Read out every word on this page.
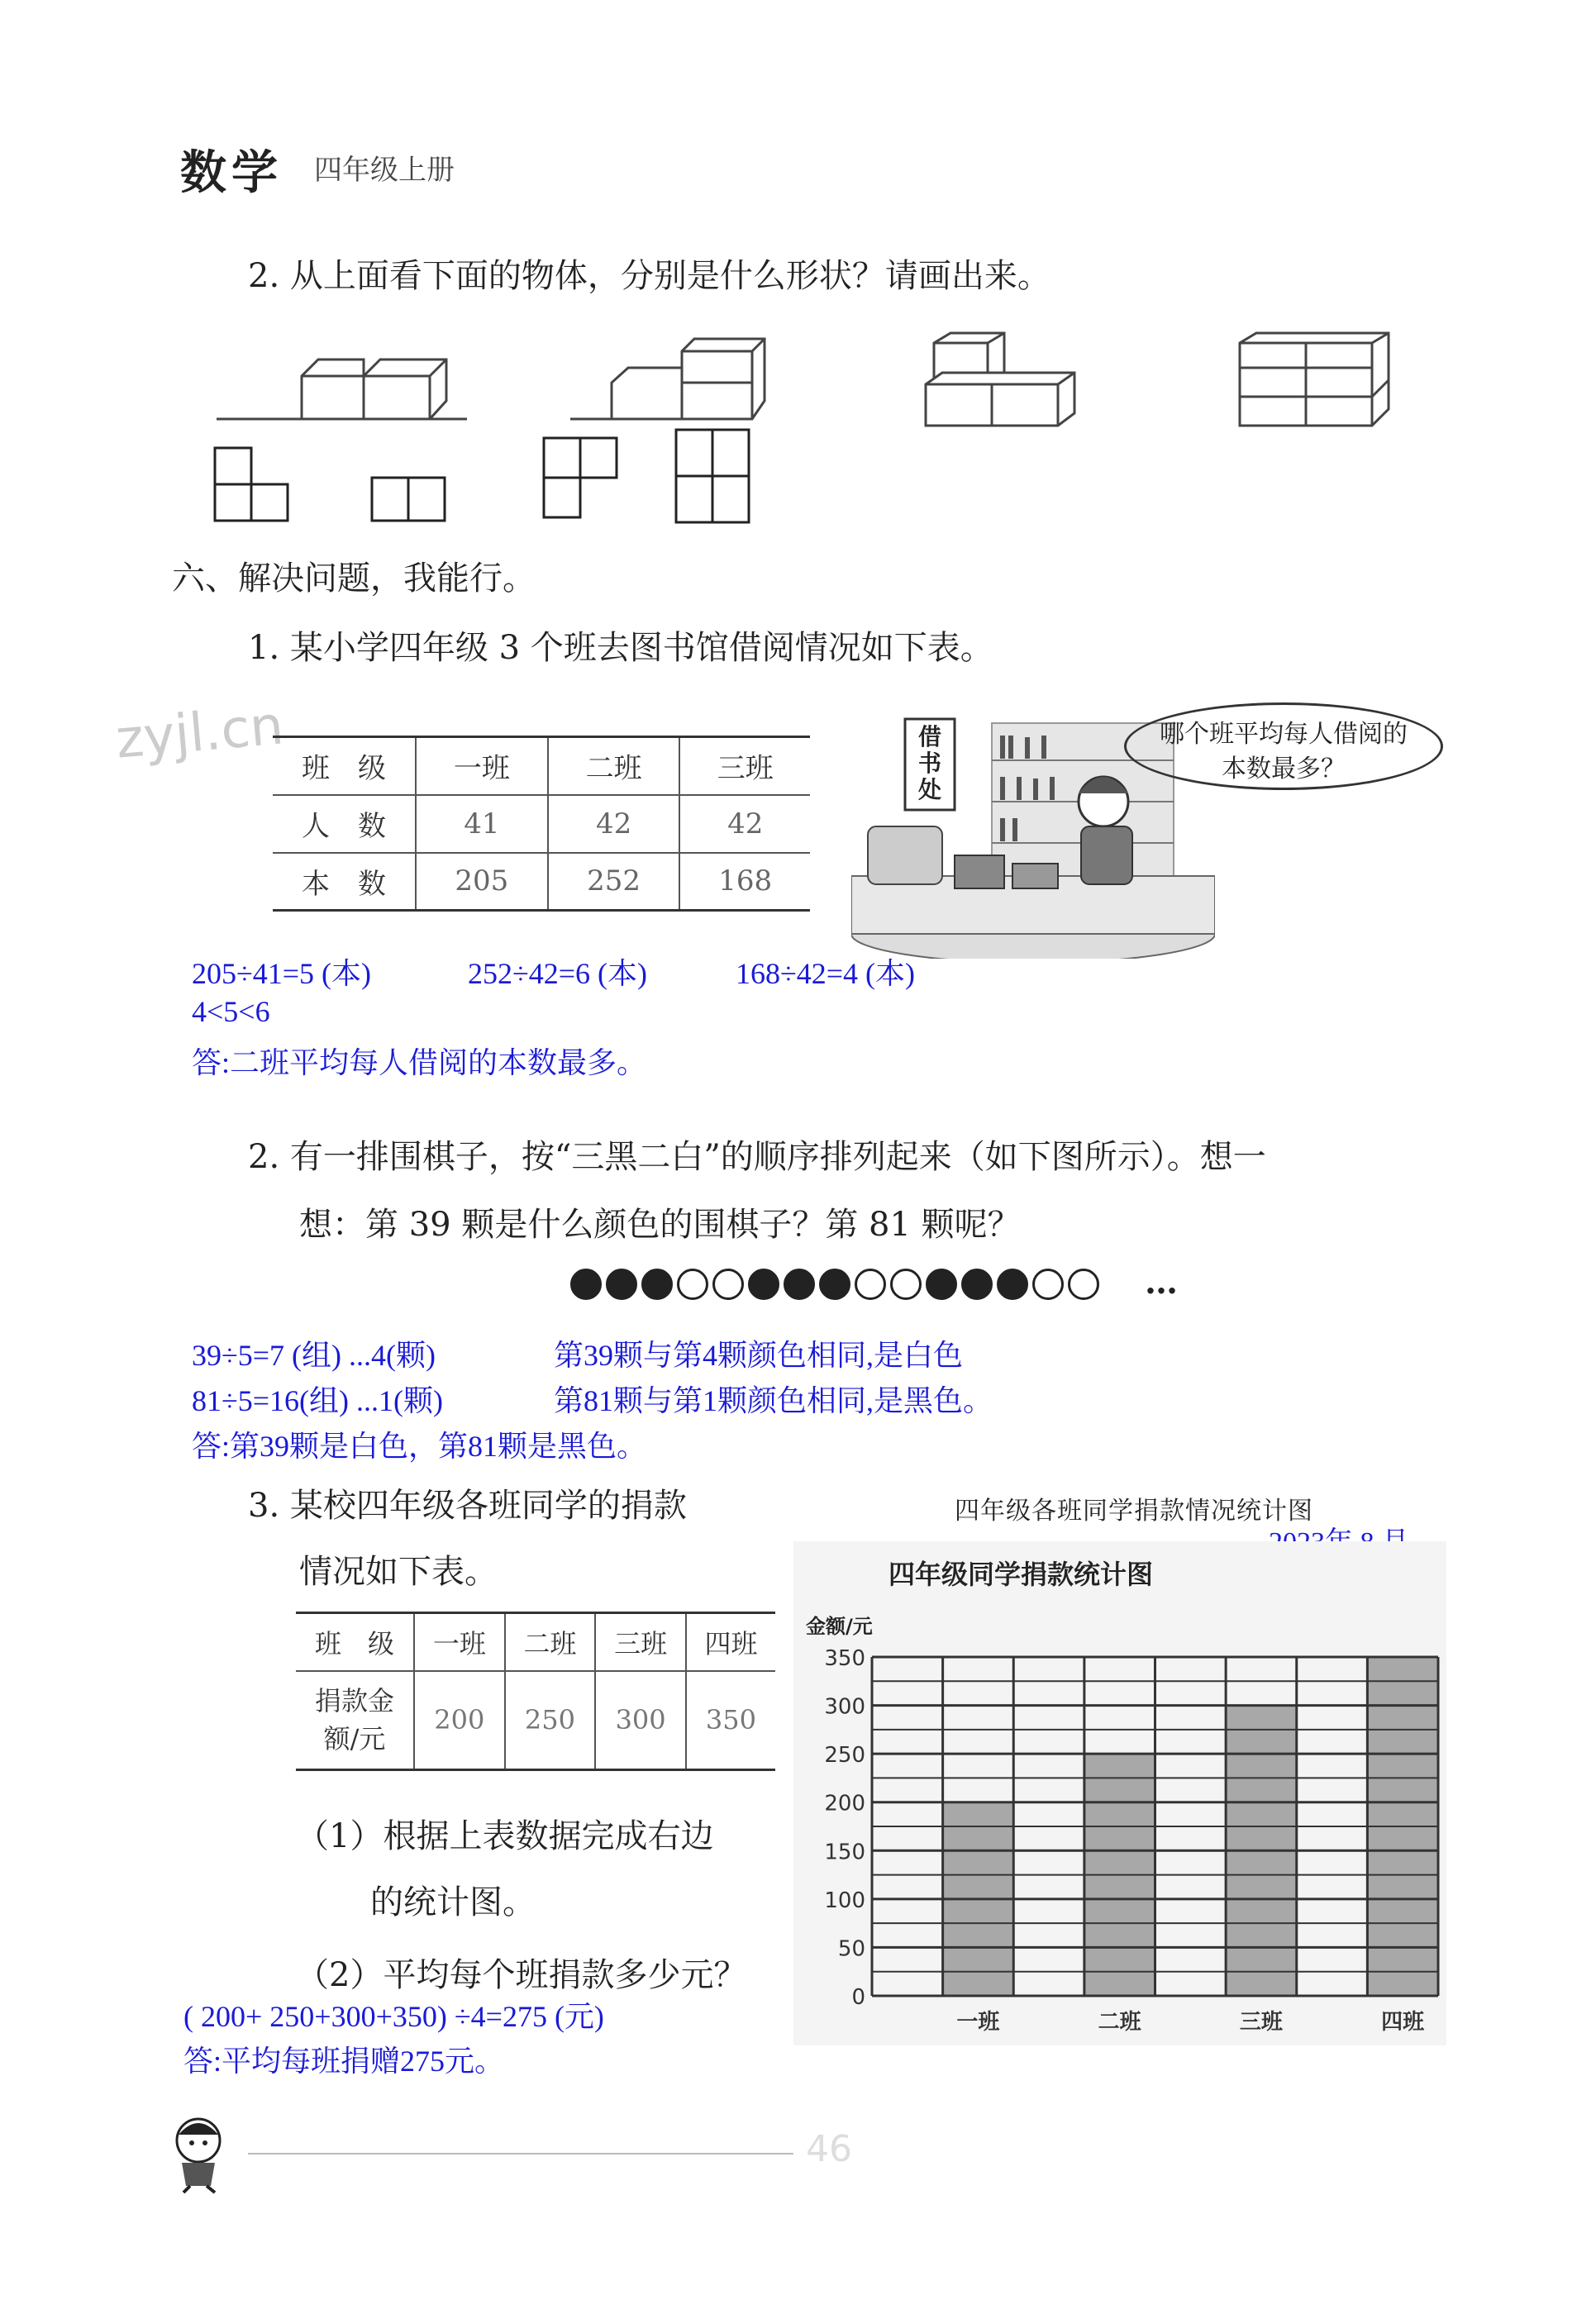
数学 四年级上册
2. 从上面看下面的物体，分别是什么形状？请画出来。
六、解决问题，我能行。
1. 某小学四年级 3 个班去图书馆借阅情况如下表。
zyjl.cn 班　级	一班	二班	三班
人　数	41	42	42
本　数	205	252	168
借书处
哪个班平均每人借阅的本数最多？
205÷41=5 (本)	252÷42=6 (本)	168÷42=4 (本)
4<5<6
答:二班平均每人借阅的本数最多。
2. 有一排围棋子，按“三黑二白”的顺序排列起来（如下图所示）。想一
想：第 39 颗是什么颜色的围棋子？第 81 颗呢？
…
39÷5=7 (组) ...4(颗)	第39颗与第4颗颜色相同,是白色
81÷5=16(组) ...1(颗)	第81颗与第1颗颜色相同,是黑色。
答:第39颗是白色，第81颗是黑色。
3. 某校四年级各班同学的捐款
情况如下表。
班　级	一班	二班	三班	四班
捐款金
额/元	200	250	300	350
（1）根据上表数据完成右边
的统计图。
（2）平均每个班捐款多少元？
( 200+ 250+300+350) ÷4=275 (元)
答:平均每班捐赠275元。
四年级各班同学捐款情况统计图
四年级同学捐款统计图
金额/元
0
50
100
150
200
250
300
350
一班	二班	三班	四班
46
